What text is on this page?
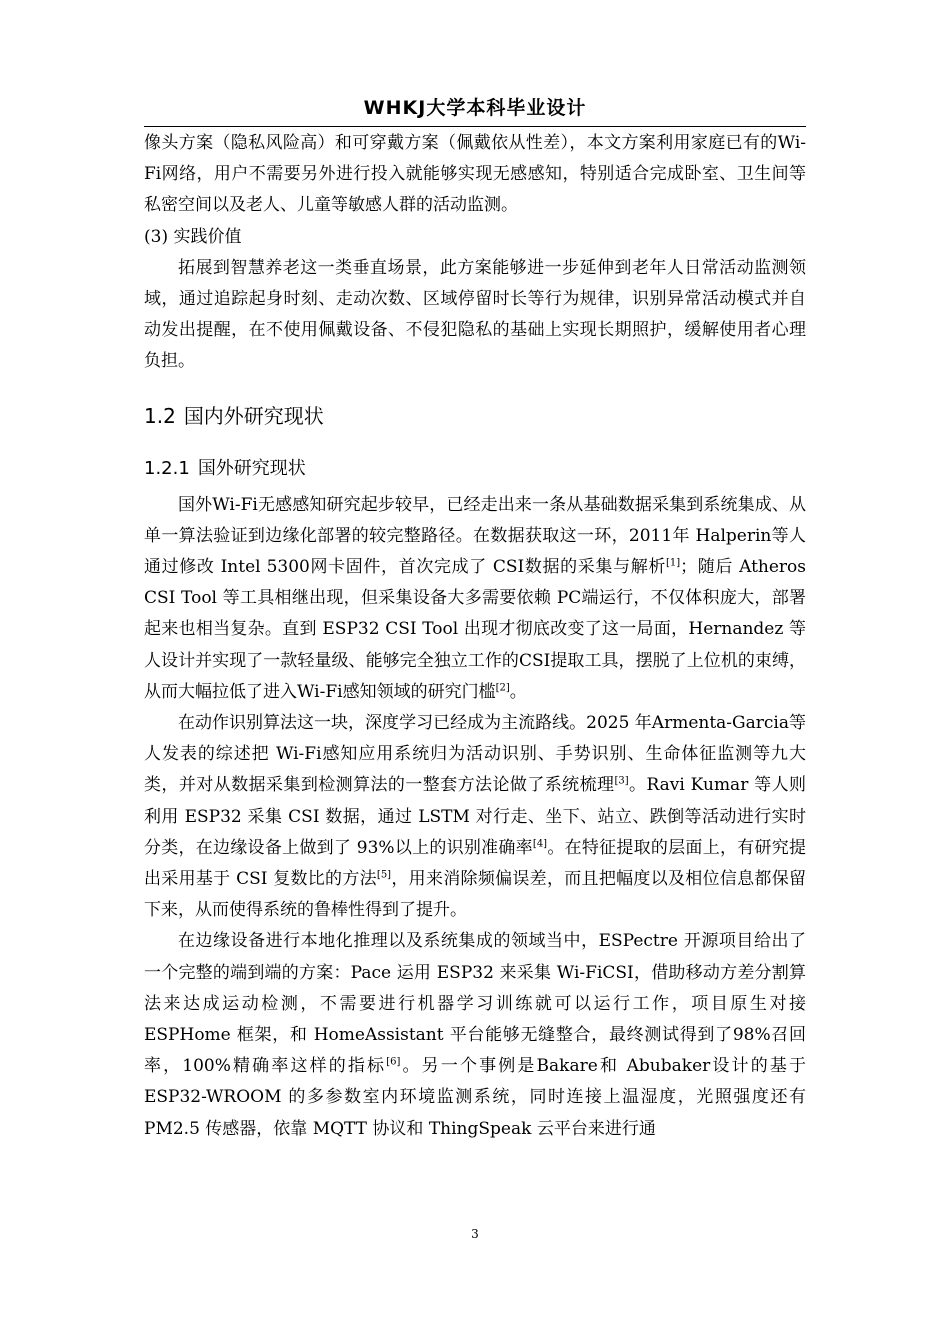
WHKJ大学本科毕业设计

像头方案（隐私风险高）和可穿戴方案（佩戴依从性差），本文方案利用家庭已有的Wi-Fi网络，用户不需要另外进行投入就能够实现无感感知，特别适合完成卧室、卫生间等私密空间以及老人、儿童等敏感人群的活动监测。

(3) 实践价值

拓展到智慧养老这一类垂直场景，此方案能够进一步延伸到老年人日常活动监测领域，通过追踪起身时刻、走动次数、区域停留时长等行为规律，识别异常活动模式并自动发出提醒，在不使用佩戴设备、不侵犯隐私的基础上实现长期照护，缓解使用者心理负担。

1.2 国内外研究现状
1.2.1 国外研究现状

国外Wi-Fi无感感知研究起步较早，已经走出来一条从基础数据采集到系统集成、从单一算法验证到边缘化部署的较完整路径。在数据获取这一环，2011年 Halperin等人通过修改 Intel 5300网卡固件，首次完成了 CSI数据的采集与解析[1]；随后 Atheros CSI Tool 等工具相继出现，但采集设备大多需要依赖 PC端运行，不仅体积庞大，部署起来也相当复杂。直到 ESP32 CSI Tool 出现才彻底改变了这一局面，Hernandez 等人设计并实现了一款轻量级、能够完全独立工作的CSI提取工具，摆脱了上位机的束缚，从而大幅拉低了进入Wi-Fi感知领域的研究门槛[2]。

在动作识别算法这一块，深度学习已经成为主流路线。2025 年Armenta-Garcia等人发表的综述把 Wi-Fi感知应用系统归为活动识别、手势识别、生命体征监测等九大类，并对从数据采集到检测算法的一整套方法论做了系统梳理[3]。Ravi Kumar 等人则利用 ESP32 采集 CSI 数据，通过 LSTM 对行走、坐下、站立、跌倒等活动进行实时分类，在边缘设备上做到了 93%以上的识别准确率[4]。在特征提取的层面上，有研究提出采用基于 CSI 复数比的方法[5]，用来消除频偏误差，而且把幅度以及相位信息都保留下来，从而使得系统的鲁棒性得到了提升。

在边缘设备进行本地化推理以及系统集成的领域当中，ESPectre 开源项目给出了一个完整的端到端的方案：Pace 运用 ESP32 来采集 Wi-FiCSI，借助移动方差分割算法来达成运动检测，不需要进行机器学习训练就可以运行工作，项目原生对接 ESPHome 框架，和 HomeAssistant 平台能够无缝整合，最终测试得到了98%召回率，100%精确率这样的指标[6]。另一个事例是Bakare和 Abubaker设计的基于 ESP32-WROOM 的多参数室内环境监测系统，同时连接上温湿度，光照强度还有 PM2.5 传感器，依靠 MQTT 协议和 ThingSpeak 云平台来进行通

3
